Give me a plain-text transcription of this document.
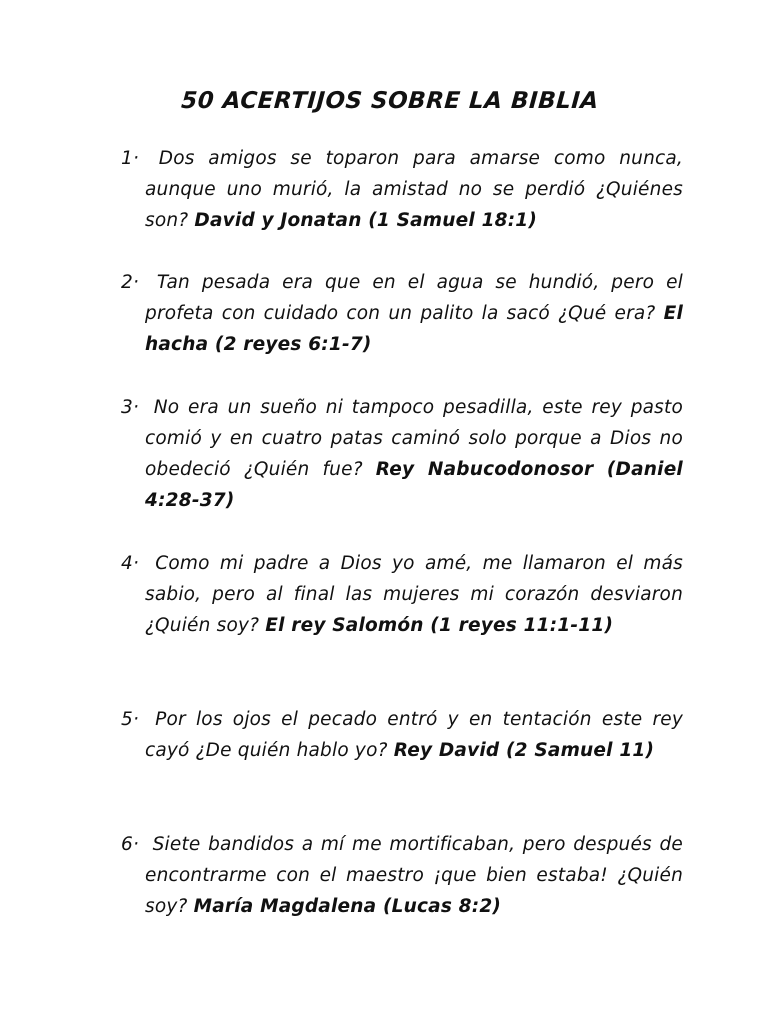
50 ACERTIJOS SOBRE LA BIBLIA
1· Dos amigos se toparon para amarse como nunca, aunque uno murió, la amistad no se perdió ¿Quiénes son? David y Jonatan (1 Samuel 18:1)
2· Tan pesada era que en el agua se hundió, pero el profeta con cuidado con un palito la sacó ¿Qué era? El hacha (2 reyes 6:1-7)
3· No era un sueño ni tampoco pesadilla, este rey pasto comió y en cuatro patas caminó solo porque a Dios no obedeció ¿Quién fue? Rey Nabucodonosor (Daniel 4:28-37)
4· Como mi padre a Dios yo amé, me llamaron el más sabio, pero al final las mujeres mi corazón desviaron ¿Quién soy? El rey Salomón (1 reyes 11:1-11)
5· Por los ojos el pecado entró y en tentación este rey cayó ¿De quién hablo yo? Rey David (2 Samuel 11)
6· Siete bandidos a mí me mortificaban, pero después de encontrarme con el maestro ¡que bien estaba! ¿Quién soy? María Magdalena (Lucas 8:2)
